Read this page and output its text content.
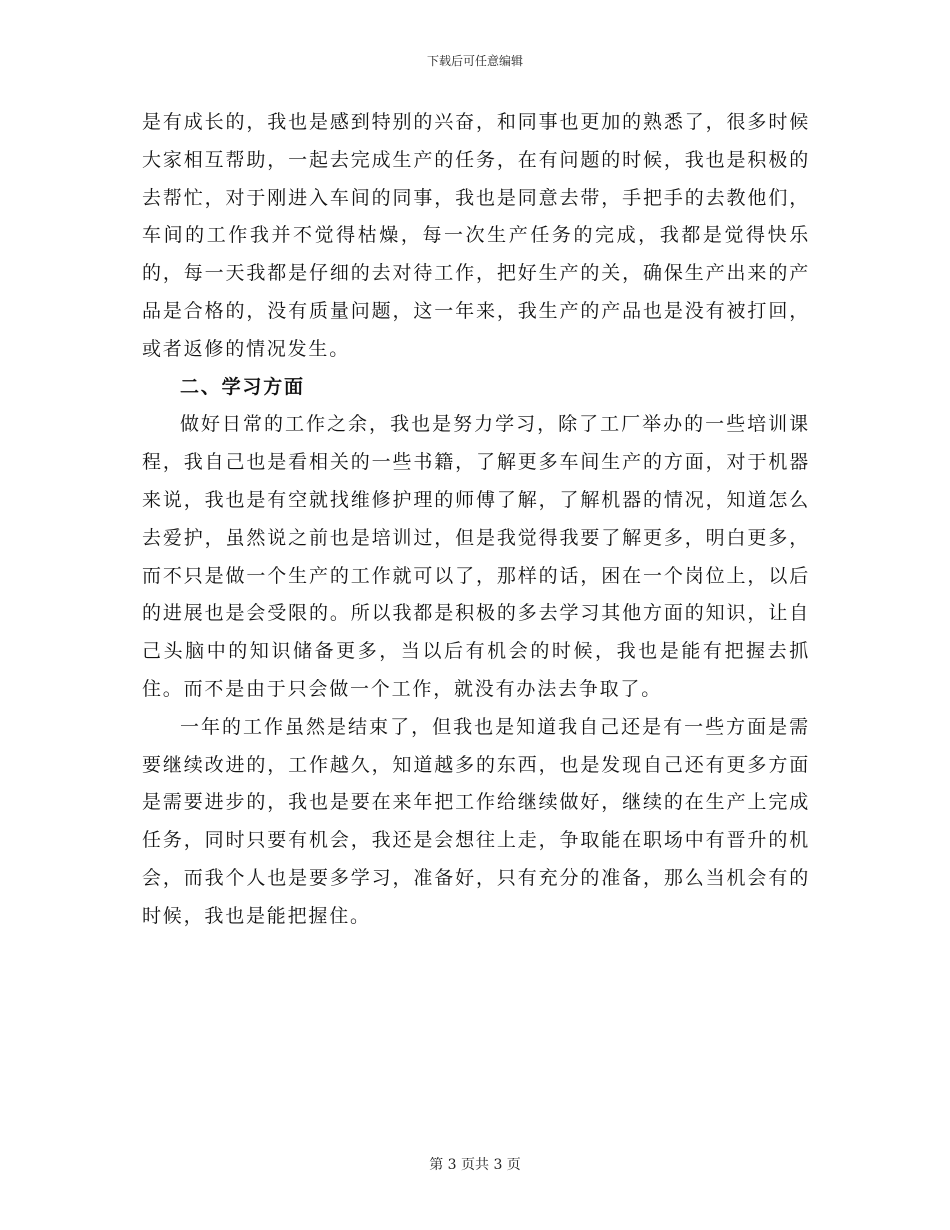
下载后可任意编辑

是有成长的，我也是感到特别的兴奋，和同事也更加的熟悉了，很多时候大家相互帮助，一起去完成生产的任务，在有问题的时候，我也是积极的去帮忙，对于刚进入车间的同事，我也是同意去带，手把手的去教他们，车间的工作我并不觉得枯燥，每一次生产任务的完成，我都是觉得快乐的，每一天我都是仔细的去对待工作，把好生产的关，确保生产出来的产品是合格的，没有质量问题，这一年来，我生产的产品也是没有被打回，或者返修的情况发生。

二、学习方面

做好日常的工作之余，我也是努力学习，除了工厂举办的一些培训课程，我自己也是看相关的一些书籍，了解更多车间生产的方面，对于机器来说，我也是有空就找维修护理的师傅了解，了解机器的情况，知道怎么去爱护，虽然说之前也是培训过，但是我觉得我要了解更多，明白更多，而不只是做一个生产的工作就可以了，那样的话，困在一个岗位上，以后的进展也是会受限的。所以我都是积极的多去学习其他方面的知识，让自己头脑中的知识储备更多，当以后有机会的时候，我也是能有把握去抓住。而不是由于只会做一个工作，就没有办法去争取了。

一年的工作虽然是结束了，但我也是知道我自己还是有一些方面是需要继续改进的，工作越久，知道越多的东西，也是发现自己还有更多方面是需要进步的，我也是要在来年把工作给继续做好，继续的在生产上完成任务，同时只要有机会，我还是会想往上走，争取能在职场中有晋升的机会，而我个人也是要多学习，准备好，只有充分的准备，那么当机会有的时候，我也是能把握住。

第 3 页共 3 页
